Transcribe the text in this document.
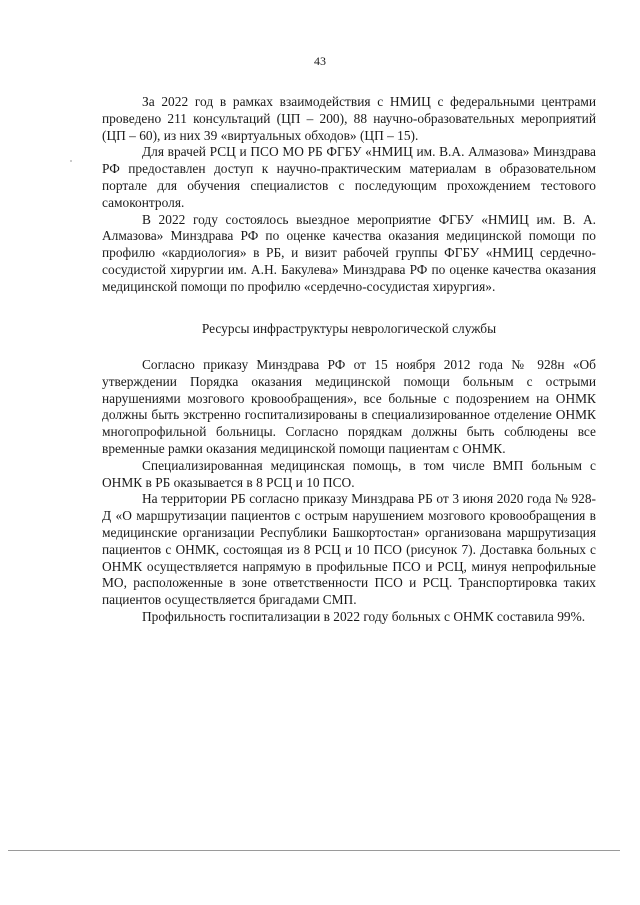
43

За 2022 год в рамках взаимодействия с НМИЦ с федеральными центрами проведено 211 консультаций (ЦП – 200), 88 научно-образовательных мероприятий (ЦП – 60), из них 39 «виртуальных обходов» (ЦП – 15).

Для врачей РСЦ и ПСО МО РБ ФГБУ «НМИЦ им. В.А. Алмазова» Минздрава РФ предоставлен доступ к научно-практическим материалам в образовательном портале для обучения специалистов с последующим прохождением тестового самоконтроля.

В 2022 году состоялось выездное мероприятие ФГБУ «НМИЦ им. В. А. Алмазова» Минздрава РФ по оценке качества оказания медицинской помощи по профилю «кардиология» в РБ, и визит рабочей группы ФГБУ «НМИЦ сердечно-сосудистой хирургии им. А.Н. Бакулева» Минздрава РФ по оценке качества оказания медицинской помощи по профилю «сердечно-сосудистая хирургия».

Ресурсы инфраструктуры неврологической службы

Согласно приказу Минздрава РФ от 15 ноября 2012 года № 928н «Об утверждении Порядка оказания медицинской помощи больным с острыми нарушениями мозгового кровообращения», все больные с подозрением на ОНМК должны быть экстренно госпитализированы в специализированное отделение ОНМК многопрофильной больницы. Согласно порядкам должны быть соблюдены все временные рамки оказания медицинской помощи пациентам с ОНМК.

Специализированная медицинская помощь, в том числе ВМП больным с ОНМК в РБ оказывается в 8 РСЦ и 10 ПСО.

На территории РБ согласно приказу Минздрава РБ от 3 июня 2020 года № 928-Д «О маршрутизации пациентов с острым нарушением мозгового кровообращения в медицинские организации Республики Башкортостан» организована маршрутизация пациентов с ОНМК, состоящая из 8 РСЦ и 10 ПСО (рисунок 7). Доставка больных с ОНМК осуществляется напрямую в профильные ПСО и РСЦ, минуя непрофильные МО, расположенные в зоне ответственности ПСО и РСЦ. Транспортировка таких пациентов осуществляется бригадами СМП.

Профильность госпитализации в 2022 году больных с ОНМК составила 99%.
